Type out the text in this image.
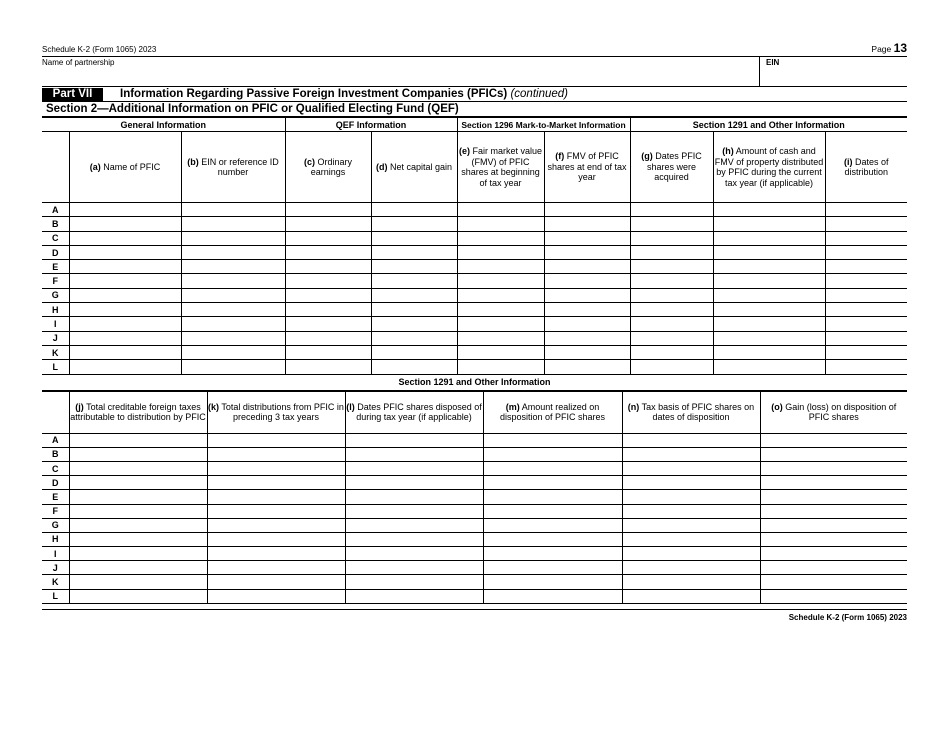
Schedule K-2 (Form 1065) 2023	Page 13
Name of partnership	EIN
Part VII	Information Regarding Passive Foreign Investment Companies (PFICs) (continued)
Section 2—Additional Information on PFIC or Qualified Electing Fund (QEF)
General Information			QEF Information		Section 1296 Mark-to-Market Information		Section 1291 and Other Information		
	(a) Name of PFIC	(b) EIN or reference ID number	(c) Ordinary earnings	(d) Net capital gain	(e) Fair market value (FMV) of PFIC shares at beginning of tax year	(f) FMV of PFIC shares at end of tax year	(g) Dates PFIC shares were acquired	(h) Amount of cash and FMV of property distributed by PFIC during the current tax year (if applicable)	(i) Dates of distribution
A									
B									
C									
D									
E									
F									
G									
H									
I									
J									
K									
L									
Section 1291 and Other Information
	(j) Total creditable foreign taxes attributable to distribution by PFIC	(k) Total distributions from PFIC in preceding 3 tax years	(l) Dates PFIC shares disposed of during tax year (if applicable)	(m) Amount realized on disposition of PFIC shares	(n) Tax basis of PFIC shares on dates of disposition	(o) Gain (loss) on disposition of PFIC shares
A						
B						
C						
D						
E						
F						
G						
H						
I						
J						
K						
L						
Schedule K-2 (Form 1065) 2023
